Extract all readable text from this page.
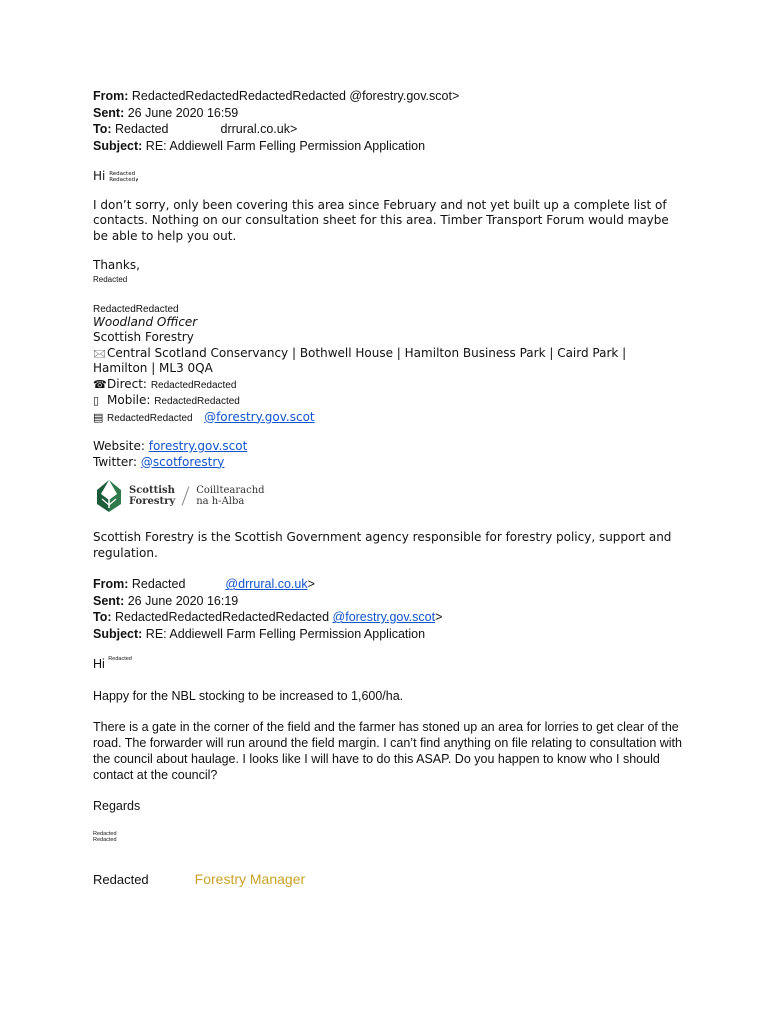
From: RedactedRedactedRedactedRedacted @forestry.gov.scot>
Sent: 26 June 2020 16:59
To: Redacted	drrural.co.uk>
Subject: RE: Addiewell Farm Felling Permission Application
Hi Redacted
Redacted,
I don’t sorry, only been covering this area since February and not yet built up a complete list of contacts. Nothing on our consultation sheet for this area. Timber Transport Forum would maybe be able to help you out.
Thanks,
Redacted
RedactedRedacted
Woodland Officer
Scottish Forestry
🖂Central Scotland Conservancy | Bothwell House | Hamilton Business Park | Caird Park | Hamilton | ML3 0QA
☎Direct: RedactedRedacted
▯ Mobile: RedactedRedacted
▤ RedactedRedacted @forestry.gov.scot
Website: forestry.gov.scot
Twitter: @scotforestry
Scottish
Forestry
Coilltearachd
na h-Alba
Scottish Forestry is the Scottish Government agency responsible for forestry policy, support and regulation.
From: Redacted	@drrural.co.uk>
Sent: 26 June 2020 16:19
To: RedactedRedactedRedactedRedacted @forestry.gov.scot>
Subject: RE: Addiewell Farm Felling Permission Application
Hi Redacted
Happy for the NBL stocking to be increased to 1,600/ha.
There is a gate in the corner of the field and the farmer has stoned up an area for lorries to get clear of the road. The forwarder will run around the field margin. I can’t find anything on file relating to consultation with the council about haulage. I looks like I will have to do this ASAP. Do you happen to know who I should contact at the council?
Regards
Redacted
Redacted
Redacted	Forestry Manager
